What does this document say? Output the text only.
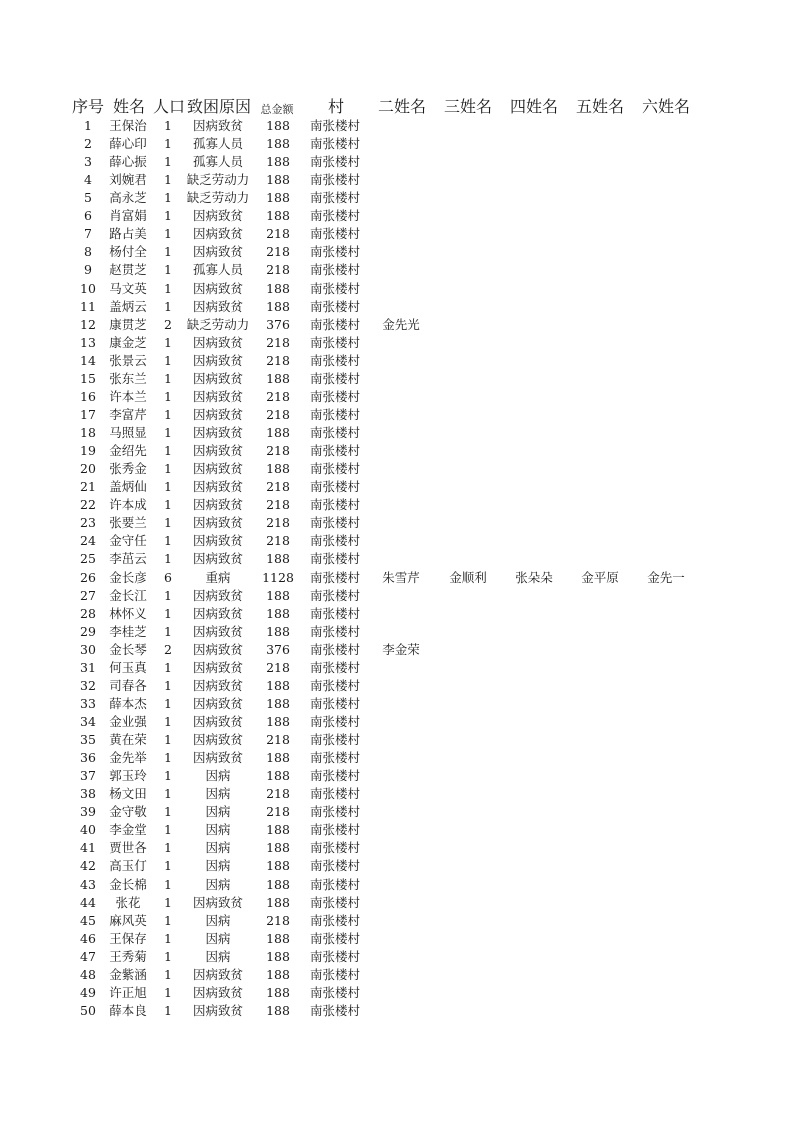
序号 姓名 人口 致困原因 总金额	村	二姓名 三姓名 四姓名 五姓名 六姓名
1	王保治	1	因病致贫	188	南张楼村
2	薛心印	1	孤寡人员	188	南张楼村
3	薛心振	1	孤寡人员	188	南张楼村
4	刘婉君	1	缺乏劳动力	188	南张楼村
5	高永芝	1	缺乏劳动力	188	南张楼村
6	肖富娟	1	因病致贫	188	南张楼村
7	路占美	1	因病致贫	218	南张楼村
8	杨付全	1	因病致贫	218	南张楼村
9	赵贯芝	1	孤寡人员	218	南张楼村
10	马文英	1	因病致贫	188	南张楼村
11	盖炳云	1	因病致贫	188	南张楼村
12	康贯芝	2	缺乏劳动力	376	南张楼村	金先光
13	康金芝	1	因病致贫	218	南张楼村
14	张景云	1	因病致贫	218	南张楼村
15	张东兰	1	因病致贫	188	南张楼村
16	许本兰	1	因病致贫	218	南张楼村
17	李富芹	1	因病致贫	218	南张楼村
18	马照显	1	因病致贫	188	南张楼村
19	金绍先	1	因病致贫	218	南张楼村
20	张秀金	1	因病致贫	188	南张楼村
21	盖炳仙	1	因病致贫	218	南张楼村
22	许本成	1	因病致贫	218	南张楼村
23	张要兰	1	因病致贫	218	南张楼村
24	金守任	1	因病致贫	218	南张楼村
25	李茁云	1	因病致贫	188	南张楼村
26	金长彦	6	重病	1128	南张楼村	朱雪芹	金顺利	张朵朵	金平原	金先一
27	金长江	1	因病致贫	188	南张楼村
28	林怀义	1	因病致贫	188	南张楼村
29	李桂芝	1	因病致贫	188	南张楼村
30	金长琴	2	因病致贫	376	南张楼村	李金荣
31	何玉真	1	因病致贫	218	南张楼村
32	司春各	1	因病致贫	188	南张楼村
33	薛本杰	1	因病致贫	188	南张楼村
34	金业强	1	因病致贫	188	南张楼村
35	黄在荣	1	因病致贫	218	南张楼村
36	金先举	1	因病致贫	188	南张楼村
37	郭玉玲	1	因病	188	南张楼村
38	杨文田	1	因病	218	南张楼村
39	金守敬	1	因病	218	南张楼村
40	李金堂	1	因病	188	南张楼村
41	贾世各	1	因病	188	南张楼村
42	高玉仃	1	因病	188	南张楼村
43	金长棉	1	因病	188	南张楼村
44	张花	1	因病致贫	188	南张楼村
45	麻风英	1	因病	218	南张楼村
46	王保存	1	因病	188	南张楼村
47	王秀菊	1	因病	188	南张楼村
48	金紫涵	1	因病致贫	188	南张楼村
49	许正旭	1	因病致贫	188	南张楼村
50	薛本良	1	因病致贫	188	南张楼村
